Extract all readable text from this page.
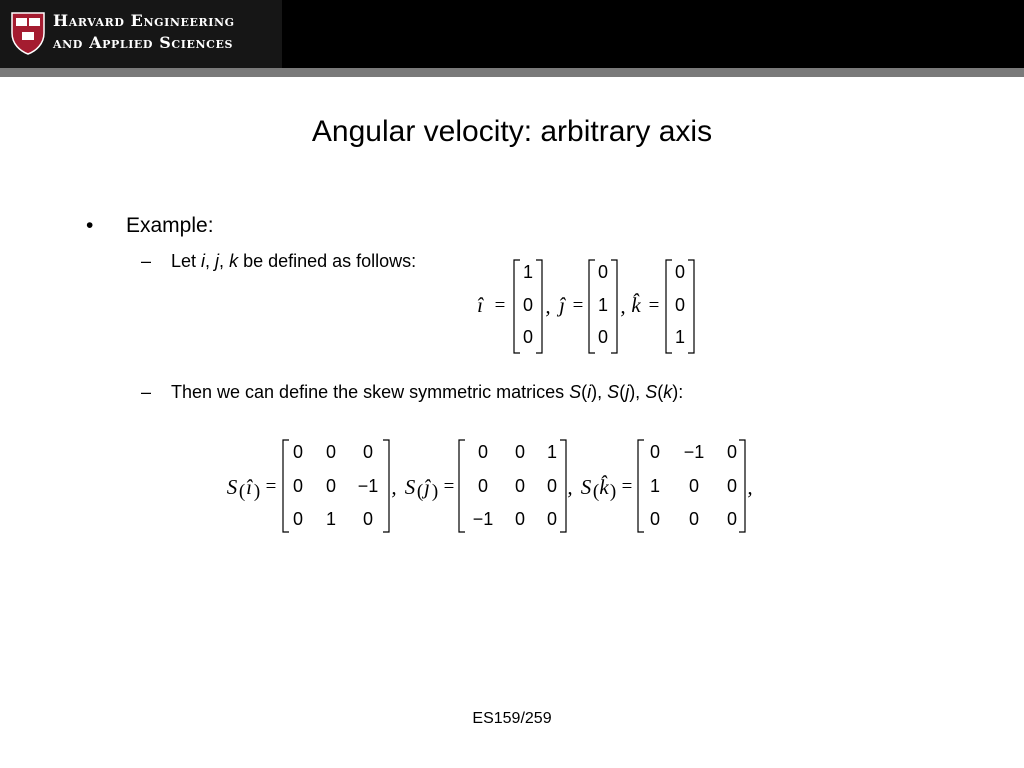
Harvard Engineering
and Applied Sciences
Angular velocity: arbitrary axis
• Example:
– Let i, j, k be defined as follows:
î =
1
0
0
, ĵ =
0
1
0
, k̂ =
0
0
1
– Then we can define the skew symmetric matrices S(i), S(j), S(k):
S ( î ) =
0 0 0
0 0 −1
0 1 0
, S ( ĵ ) =
0 0 1
0 0 0
−1 0 0
, S ( k̂ ) =
0 −1 0
1 0 0
0 0 0
,
ES159/259
